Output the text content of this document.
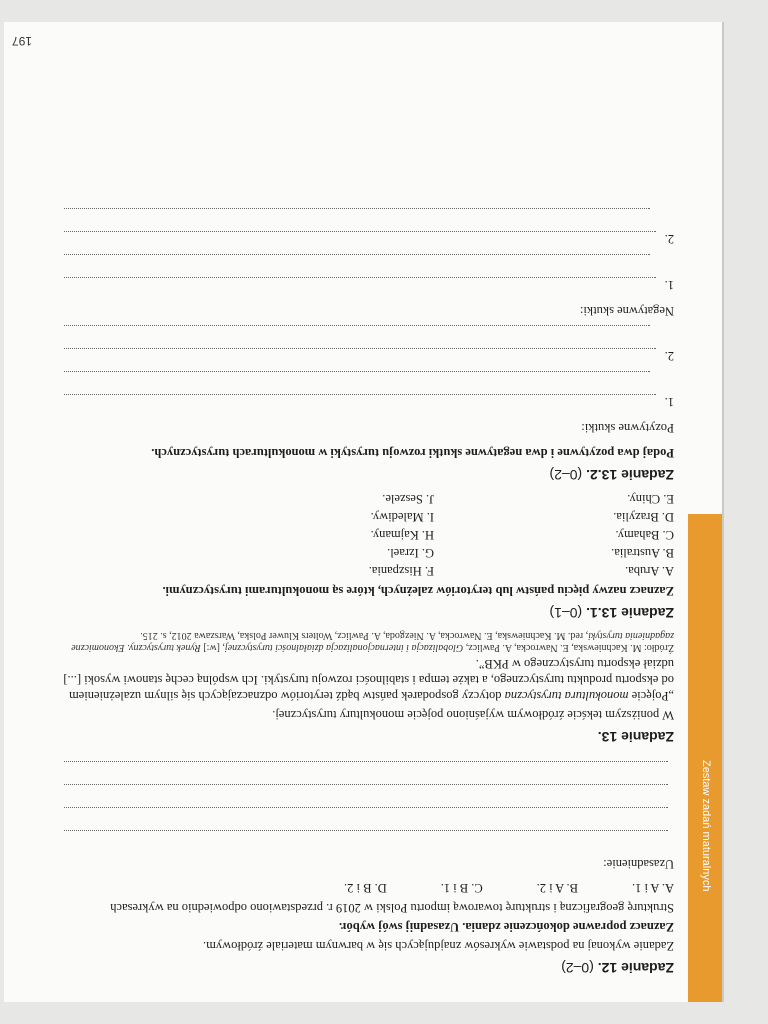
197
Zestaw zadań maturalnych
Zadanie 12. (0–2)

Zadanie wykonaj na podstawie wykresów znajdujących się w barwnym materiale źródłowym.

Zaznacz poprawne dokończenie zdania. Uzasadnij swój wybór.

Strukturę geograficzną i strukturę towarową importu Polski w 2019 r. przedstawiono odpowiednio na wykresach

A. A i 1.
B. A i 2.
C. B i 1.
D. B i 2.

Uzasadnienie:

Zadanie 13.

W poniższym tekście źródłowym wyjaśniono pojęcie monokultury turystycznej.

„Pojęcie monokultura turystyczna dotyczy gospodarek państw bądź terytoriów odznaczających się silnym uzależnieniem od eksportu produktu turystycznego, a także tempa i stabilności rozwoju turystyki. Ich wspólną cechę stanowi wysoki [...] udział eksportu turystycznego w PKB”.

Źródło: M. Kachniewska, E. Nawrocka, A. Pawlicz, Globalizacja i internacjonalizacja działalności turystycznej, [w:] Rynek turystyczny. Ekonomiczne zagadnienia turystyki, red. M. Kachniewska, E. Nawrocka, A. Niezgoda, A. Pawlicz, Wolters Kluwer Polska, Warszawa 2012, s. 215.
Zadanie 13.1. (0–1)

Zaznacz nazwy pięciu państw lub terytoriów zależnych, które są monokulturami turystycznymi.

A. Aruba.
F. Hiszpania.
B. Australia.
G. Izrael.
C. Bahamy.
H. Kajmany.
D. Brazylia.
I. Malediwy.
E. Chiny.
J. Seszele.
Zadanie 13.2. (0–2)

Podaj dwa pozytywne i dwa negatywne skutki rozwoju turystyki w monokulturach turystycznych.

Pozytywne skutki:

1.
2.

Negatywne skutki:

1.
2.
